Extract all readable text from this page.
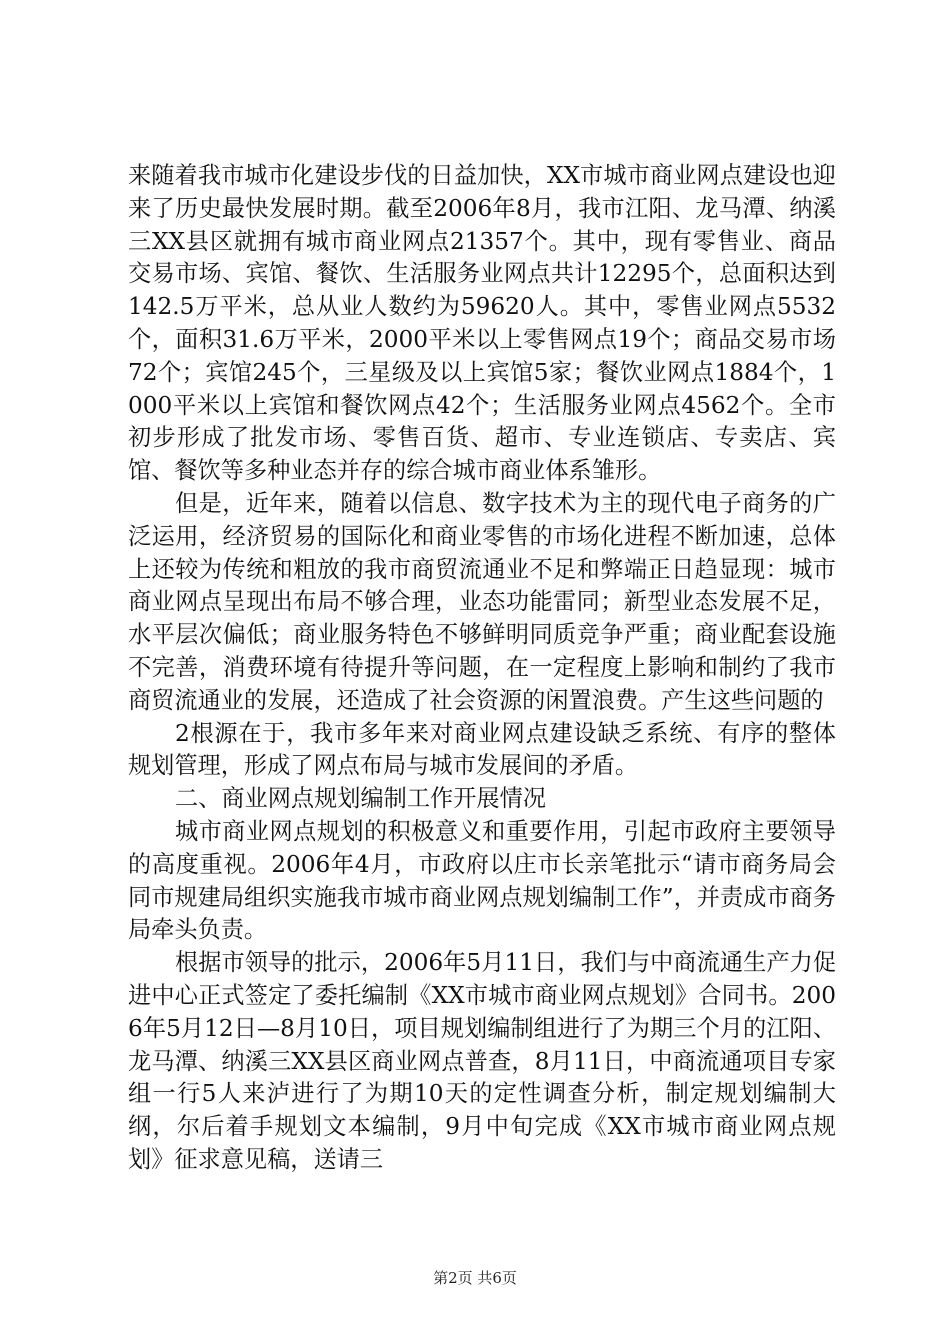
来随着我市城市化建设步伐的日益加快，XX市城市商业网点建设也迎来了历史最快发展时期。截至2006年8月，我市江阳、龙马潭、纳溪三XX县区就拥有城市商业网点21357个。其中，现有零售业、商品交易市场、宾馆、餐饮、生活服务业网点共计12295个，总面积达到142.5万平米，总从业人数约为59620人。其中，零售业网点5532个，面积31.6万平米，2000平米以上零售网点19个；商品交易市场72个；宾馆245个，三星级及以上宾馆5家；餐饮业网点1884个，1000平米以上宾馆和餐饮网点42个；生活服务业网点4562个。全市初步形成了批发市场、零售百货、超市、专业连锁店、专卖店、宾馆、餐饮等多种业态并存的综合城市商业体系雏形。

但是，近年来，随着以信息、数字技术为主的现代电子商务的广泛运用，经济贸易的国际化和商业零售的市场化进程不断加速，总体上还较为传统和粗放的我市商贸流通业不足和弊端正日趋显现：城市商业网点呈现出布局不够合理，业态功能雷同；新型业态发展不足，水平层次偏低；商业服务特色不够鲜明同质竞争严重；商业配套设施不完善，消费环境有待提升等问题，在一定程度上影响和制约了我市商贸流通业的发展，还造成了社会资源的闲置浪费。产生这些问题的

2根源在于，我市多年来对商业网点建设缺乏系统、有序的整体规划管理，形成了网点布局与城市发展间的矛盾。

二、商业网点规划编制工作开展情况

城市商业网点规划的积极意义和重要作用，引起市政府主要领导的高度重视。2006年4月，市政府以庄市长亲笔批示“请市商务局会同市规建局组织实施我市城市商业网点规划编制工作”，并责成市商务局牵头负责。

根据市领导的批示，2006年5月11日，我们与中商流通生产力促进中心正式签定了委托编制《XX市城市商业网点规划》合同书。2006年5月12日—8月10日，项目规划编制组进行了为期三个月的江阳、龙马潭、纳溪三XX县区商业网点普查，8月11日，中商流通项目专家组一行5人来泸进行了为期10天的定性调查分析，制定规划编制大纲，尔后着手规划文本编制，9月中旬完成《XX市城市商业网点规划》征求意见稿，送请三

第2页 共6页
